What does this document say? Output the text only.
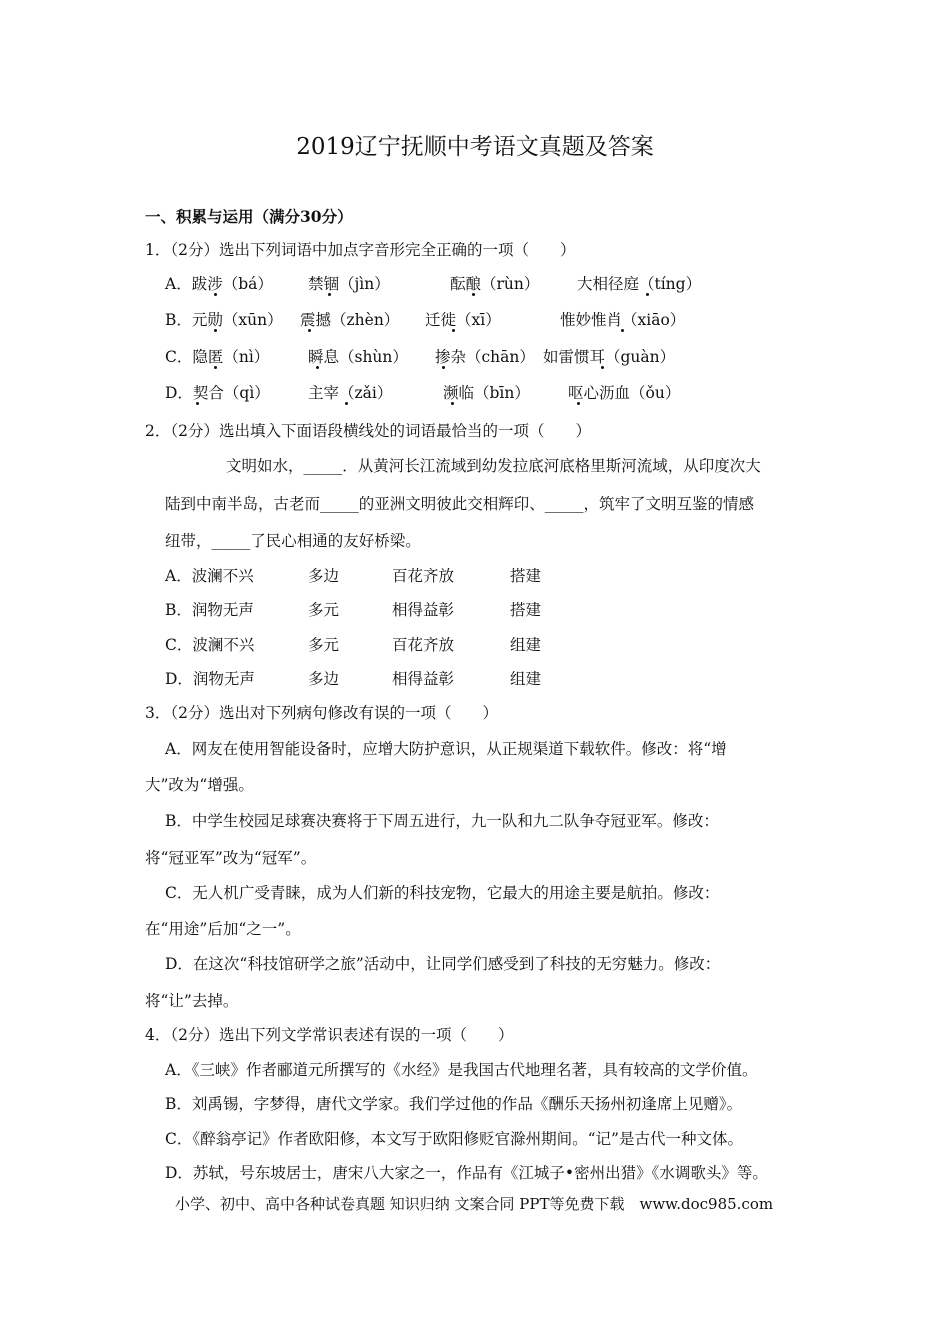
2019辽宁抚顺中考语文真题及答案
一、积累与运用（满分30分）
1．（2分）选出下列词语中加点字音形完全正确的一项（　　）
A．跋涉（bá） 禁锢（jìn）	酝酿（rùn） 大相径庭（tíng）
B．元勋（xūn） 震撼（zhèn） 迁徙（xī）	惟妙惟肖（xiāo）
C．隐匿（nì） 瞬息（shùn） 掺杂（chān） 如雷惯耳（guàn）
D．契合（qì） 主宰（zǎi）	濒临（bīn） 呕心沥血（ǒu）
2．（2分）选出填入下面语段横线处的词语最恰当的一项（　　）
文明如水，_____．从黄河长江流域到幼发拉底河底格里斯河流域，从印度次大
陆到中南半岛，古老而_____的亚洲文明彼此交相辉印、_____，筑牢了文明互鉴的情感
纽带，_____了民心相通的友好桥梁。
A．波澜不兴	多边	百花齐放	搭建
B．润物无声	多元	相得益彰	搭建
C．波澜不兴	多元	百花齐放	组建
D．润物无声	多边	相得益彰	组建
3．（2分）选出对下列病句修改有误的一项（　　）
A．网友在使用智能设备时，应增大防护意识，从正规渠道下载软件。修改：将“增
大”改为“增强。
B．中学生校园足球赛决赛将于下周五进行，九一队和九二队争夺冠亚军。修改：
将“冠亚军”改为“冠军”。
C．无人机广受青睐，成为人们新的科技宠物，它最大的用途主要是航拍。修改：
在“用途”后加“之一”。
D．在这次“科技馆研学之旅”活动中，让同学们感受到了科技的无穷魅力。修改：
将“让”去掉。
4．（2分）选出下列文学常识表述有误的一项（　　）
A．《三峡》作者郦道元所撰写的《水经》是我国古代地理名著，具有较高的文学价值。
B．刘禹锡，字梦得，唐代文学家。我们学过他的作品《酬乐天扬州初逢席上见赠》。
C．《醉翁亭记》作者欧阳修，本文写于欧阳修贬官滁州期间。“记”是古代一种文体。
D．苏轼，号东坡居士，唐宋八大家之一，作品有《江城子•密州出猎》《水调歌头》等。
小学、初中、高中各种试卷真题 知识归纳 文案合同 PPT等免费下载　www.doc985.com
